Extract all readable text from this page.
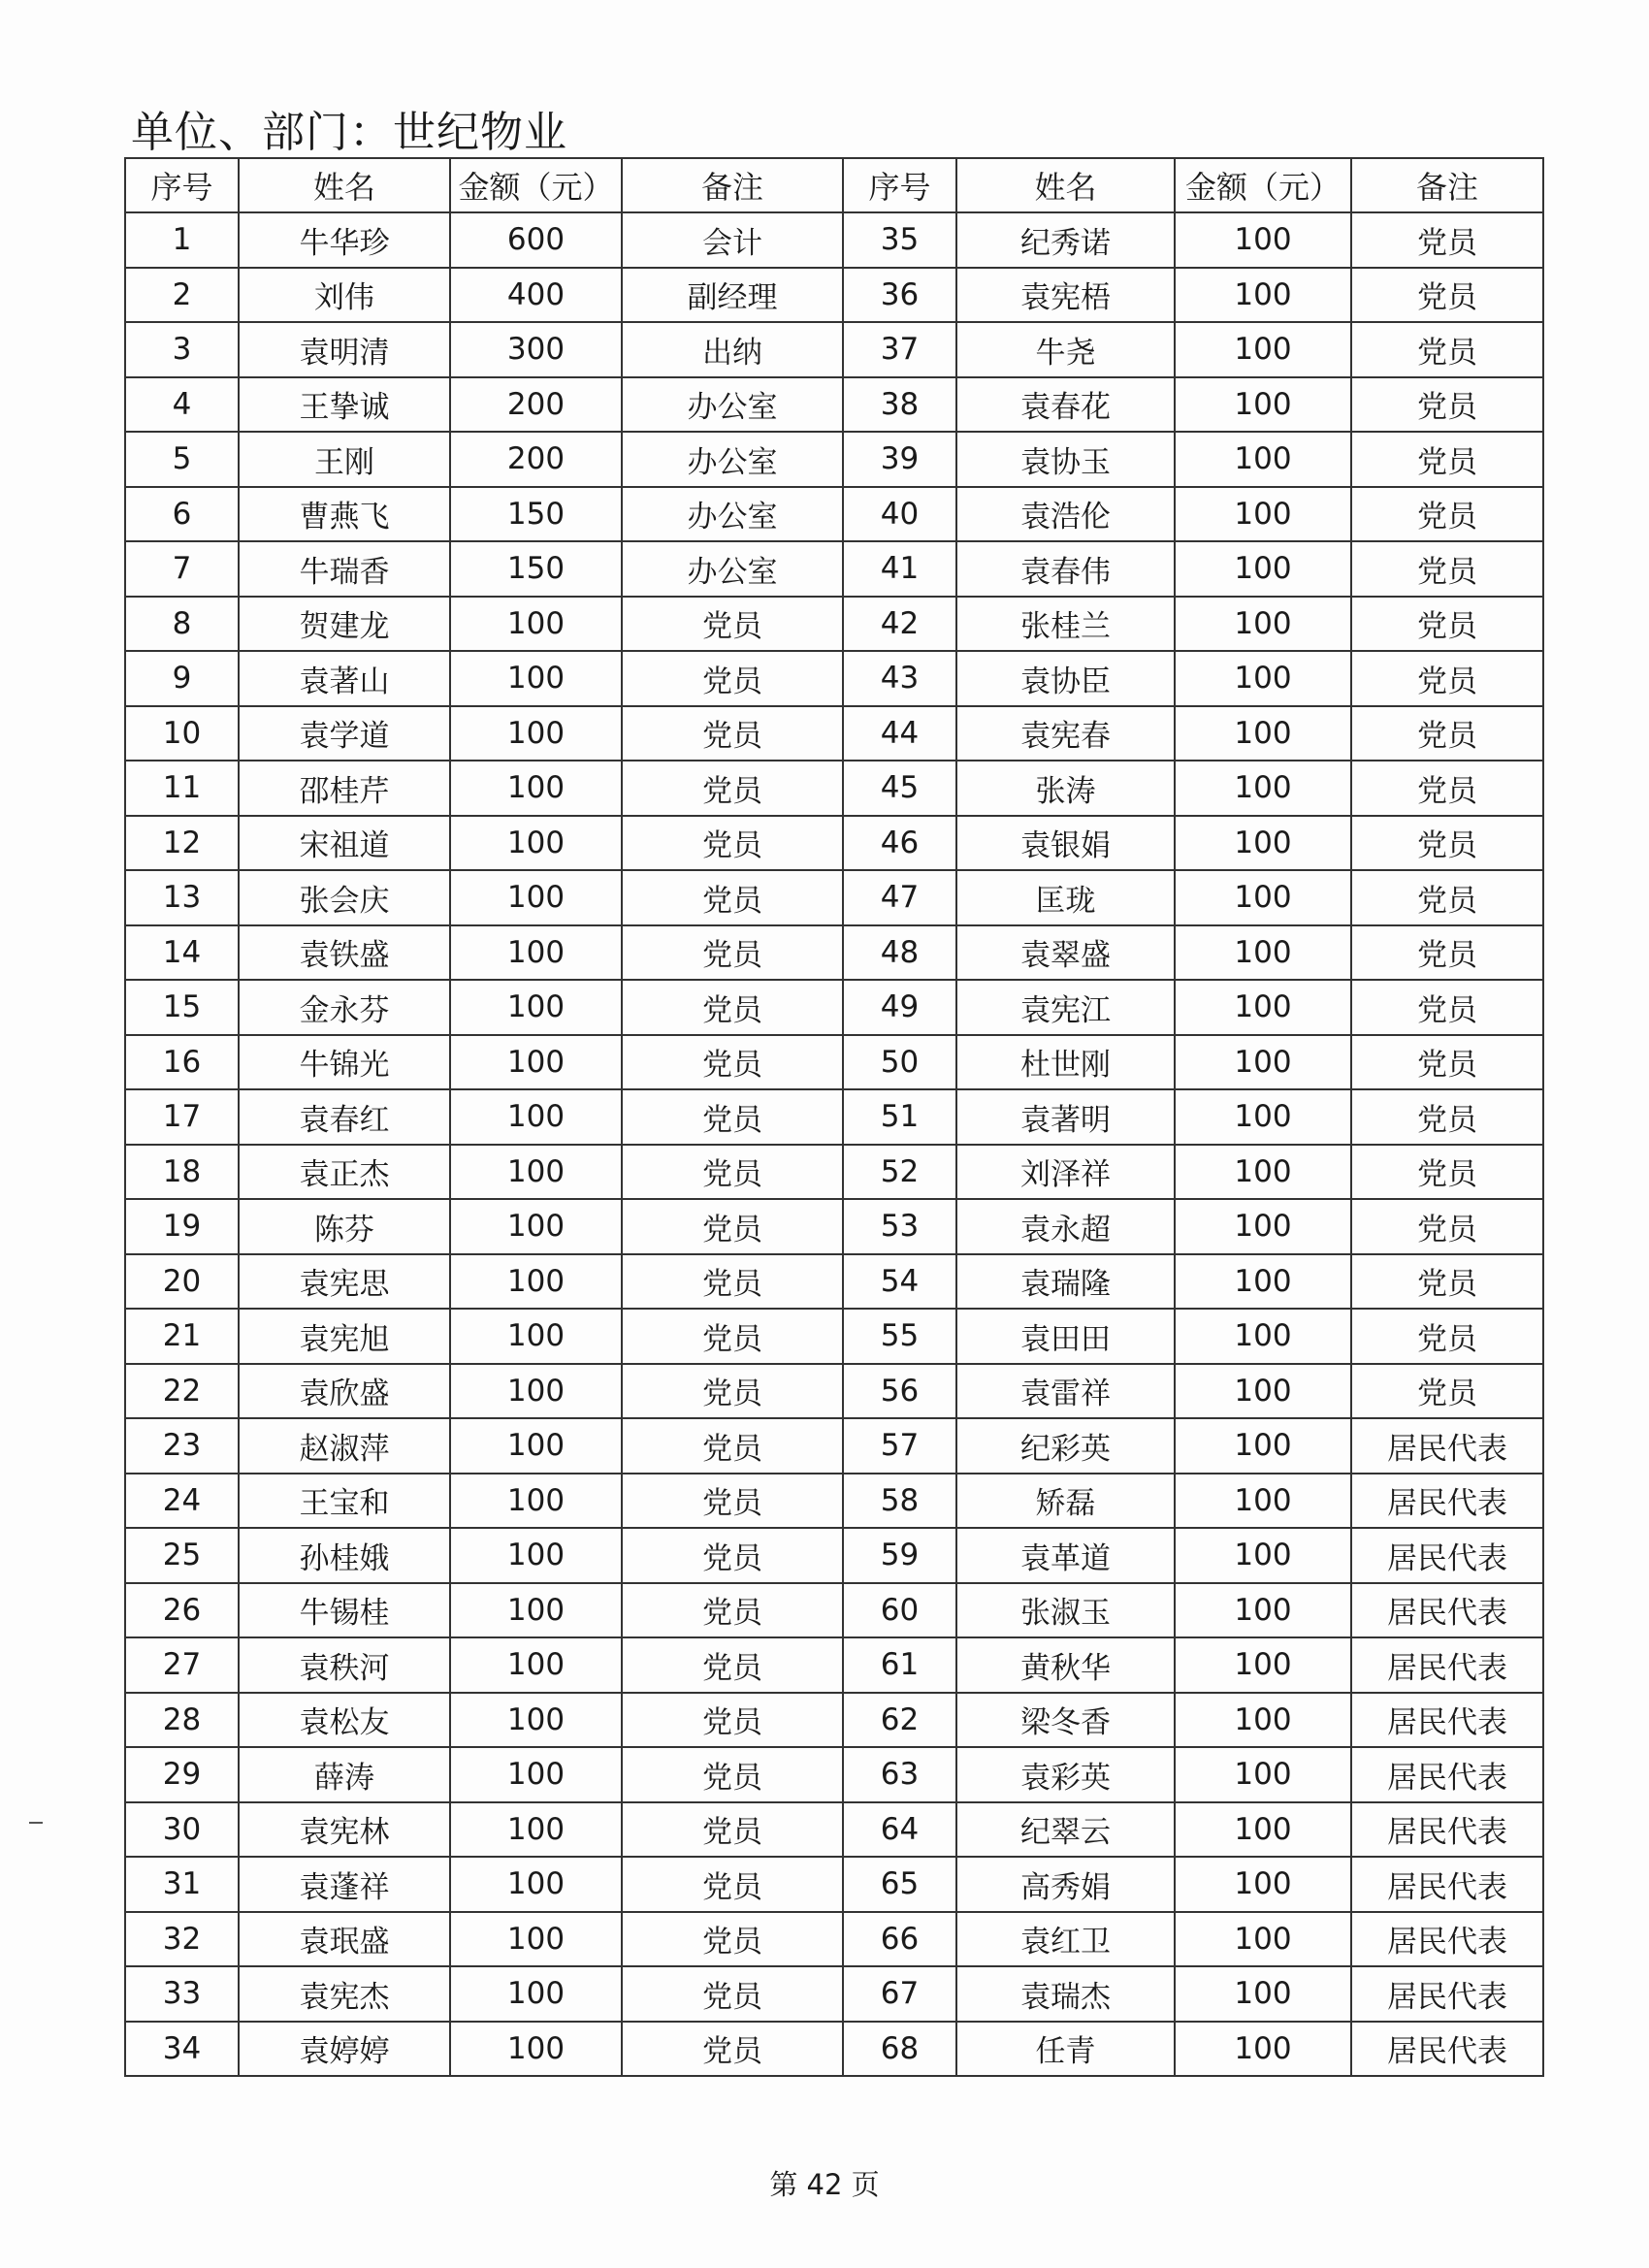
单位、部门：世纪物业
序号	姓名	金额（元）	备注	序号	姓名	金额（元）	备注
1	牛华珍	600	会计	35	纪秀诺	100	党员
2	刘伟	400	副经理	36	袁宪梧	100	党员
3	袁明清	300	出纳	37	牛尧	100	党员
4	王挚诚	200	办公室	38	袁春花	100	党员
5	王刚	200	办公室	39	袁协玉	100	党员
6	曹燕飞	150	办公室	40	袁浩伦	100	党员
7	牛瑞香	150	办公室	41	袁春伟	100	党员
8	贺建龙	100	党员	42	张桂兰	100	党员
9	袁著山	100	党员	43	袁协臣	100	党员
10	袁学道	100	党员	44	袁宪春	100	党员
11	邵桂芹	100	党员	45	张涛	100	党员
12	宋祖道	100	党员	46	袁银娟	100	党员
13	张会庆	100	党员	47	匡珑	100	党员
14	袁铁盛	100	党员	48	袁翠盛	100	党员
15	金永芬	100	党员	49	袁宪江	100	党员
16	牛锦光	100	党员	50	杜世刚	100	党员
17	袁春红	100	党员	51	袁著明	100	党员
18	袁正杰	100	党员	52	刘泽祥	100	党员
19	陈芬	100	党员	53	袁永超	100	党员
20	袁宪思	100	党员	54	袁瑞隆	100	党员
21	袁宪旭	100	党员	55	袁田田	100	党员
22	袁欣盛	100	党员	56	袁雷祥	100	党员
23	赵淑萍	100	党员	57	纪彩英	100	居民代表
24	王宝和	100	党员	58	矫磊	100	居民代表
25	孙桂娥	100	党员	59	袁革道	100	居民代表
26	牛锡桂	100	党员	60	张淑玉	100	居民代表
27	袁秩河	100	党员	61	黄秋华	100	居民代表
28	袁松友	100	党员	62	梁冬香	100	居民代表
29	薛涛	100	党员	63	袁彩英	100	居民代表
30	袁宪林	100	党员	64	纪翠云	100	居民代表
31	袁蓬祥	100	党员	65	高秀娟	100	居民代表
32	袁珉盛	100	党员	66	袁红卫	100	居民代表
33	袁宪杰	100	党员	67	袁瑞杰	100	居民代表
34	袁婷婷	100	党员	68	任青	100	居民代表
第 42 页
